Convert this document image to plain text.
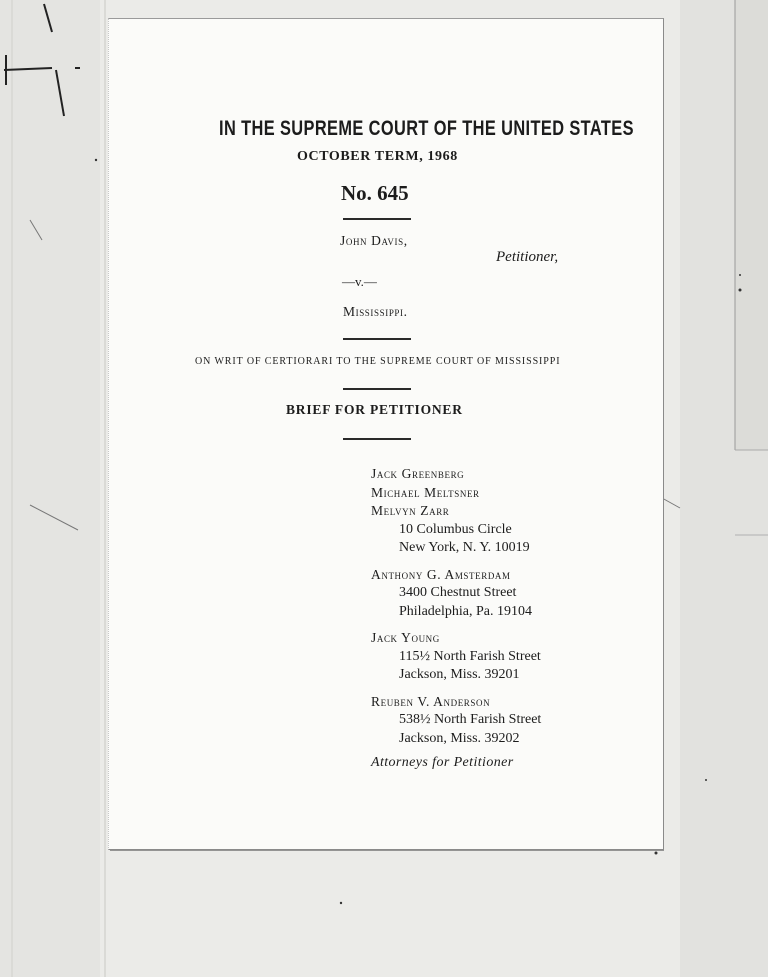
IN THE SUPREME COURT OF THE UNITED STATES
OCTOBER TERM, 1968
No. 645
John Davis,
Petitioner,
—v.—
Mississippi.
ON WRIT OF CERTIORARI TO THE SUPREME COURT OF MISSISSIPPI
BRIEF FOR PETITIONER
Jack Greenberg
Michael Meltsner
Melvyn Zarr
10 Columbus Circle
New York, N. Y. 10019
Anthony G. Amsterdam
3400 Chestnut Street
Philadelphia, Pa. 19104
Jack Young
115½ North Farish Street
Jackson, Miss. 39201
Reuben V. Anderson
538½ North Farish Street
Jackson, Miss. 39202
Attorneys for Petitioner
